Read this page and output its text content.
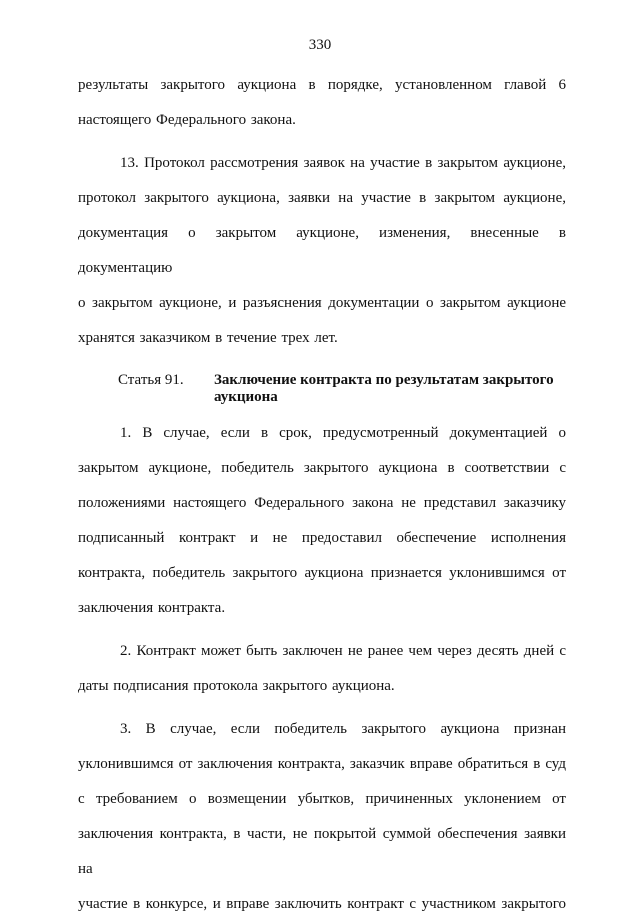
330

результаты закрытого аукциона в порядке, установленном главой 6

настоящего Федерального закона.

13. Протокол рассмотрения заявок на участие в закрытом аукционе,

протокол закрытого аукциона, заявки на участие в закрытом аукционе,

документация о закрытом аукционе, изменения, внесенные в документацию

о закрытом аукционе, и разъяснения документации о закрытом аукционе

хранятся заказчиком в течение трех лет.

Статья 91.	Заключение контракта по результатам закрытого аукциона

1. В случае, если в срок, предусмотренный документацией о

закрытом аукционе, победитель закрытого аукциона в соответствии с

положениями настоящего Федерального закона не представил заказчику

подписанный контракт и не предоставил обеспечение исполнения

контракта, победитель закрытого аукциона признается уклонившимся от

заключения контракта.

2. Контракт может быть заключен не ранее чем через десять дней с

даты подписания протокола закрытого аукциона.

3. В случае, если победитель закрытого аукциона признан

уклонившимся от заключения контракта, заказчик вправе обратиться в суд

с требованием о возмещении убытков, причиненных уклонением от

заключения контракта, в части, не покрытой суммой обеспечения заявки на

участие в конкурсе, и вправе заключить контракт с участником закрытого
